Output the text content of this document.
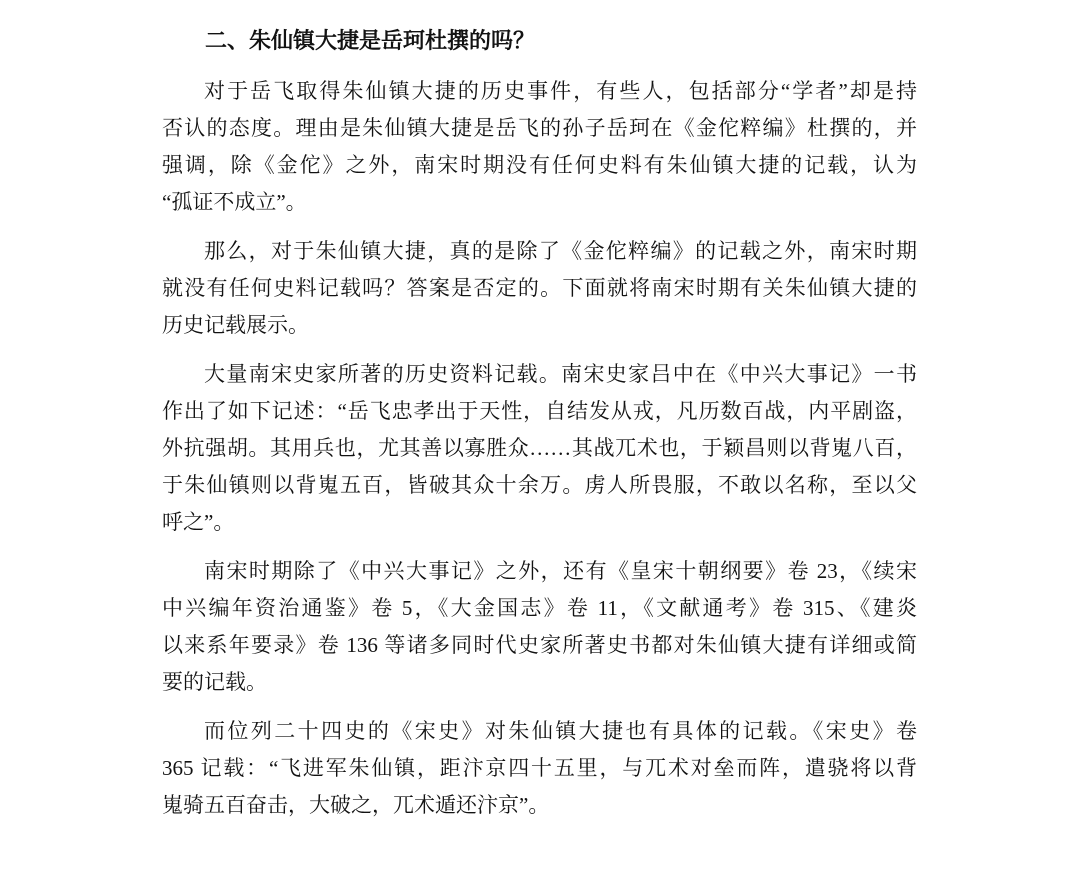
二、朱仙镇大捷是岳珂杜撰的吗？
对于岳飞取得朱仙镇大捷的历史事件，有些人，包括部分“学者”却是持
否认的态度。理由是朱仙镇大捷是岳飞的孙子岳珂在《金佗粹编》杜撰的，并
强调，除《金佗》之外，南宋时期没有任何史料有朱仙镇大捷的记载，认为
“孤证不成立”。
那么，对于朱仙镇大捷，真的是除了《金佗粹编》的记载之外，南宋时期
就没有任何史料记载吗？答案是否定的。下面就将南宋时期有关朱仙镇大捷的
历史记载展示。
大量南宋史家所著的历史资料记载。南宋史家吕中在《中兴大事记》一书
作出了如下记述：“岳飞忠孝出于天性，自结发从戎，凡历数百战，内平剧盗，
外抗强胡。其用兵也，尤其善以寡胜众……其战兀术也，于颖昌则以背嵬八百，
于朱仙镇则以背嵬五百，皆破其众十余万。虏人所畏服，不敢以名称，至以父
呼之”。
南宋时期除了《中兴大事记》之外，还有《皇宋十朝纲要》卷 23，《续宋
中兴编年资治通鉴》卷 5，《大金国志》卷 11，《文献通考》卷 315、《建炎
以来系年要录》卷 136 等诸多同时代史家所著史书都对朱仙镇大捷有详细或简
要的记载。
而位列二十四史的《宋史》对朱仙镇大捷也有具体的记载。《宋史》卷
365 记载：“飞进军朱仙镇，距汴京四十五里，与兀术对垒而阵，遣骁将以背
嵬骑五百奋击，大破之，兀术遁还汴京”。
